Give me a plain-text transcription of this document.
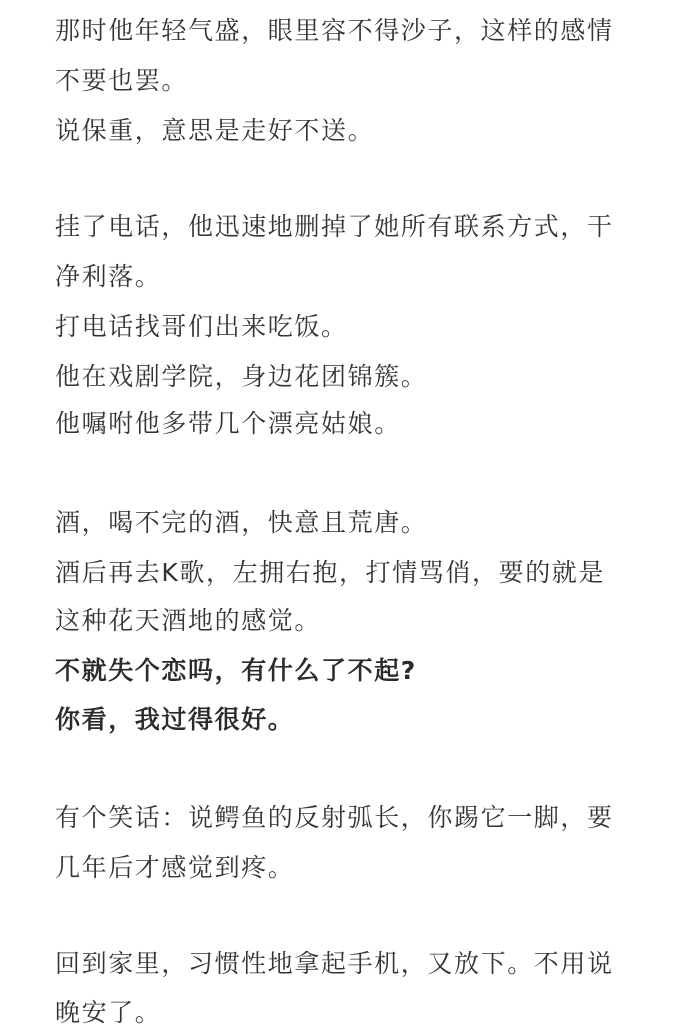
那时他年轻气盛，眼里容不得沙子，这样的感情
不要也罢。
说保重，意思是走好不送。
挂了电话，他迅速地删掉了她所有联系方式，干
净利落。
打电话找哥们出来吃饭。
他在戏剧学院，身边花团锦簇。
他嘱咐他多带几个漂亮姑娘。
酒，喝不完的酒，快意且荒唐。
酒后再去K歌，左拥右抱，打情骂俏，要的就是
这种花天酒地的感觉。
不就失个恋吗，有什么了不起?
你看，我过得很好。
有个笑话：说鳄鱼的反射弧长，你踢它一脚，要
几年后才感觉到疼。
回到家里，习惯性地拿起手机，又放下。不用说
晚安了。
